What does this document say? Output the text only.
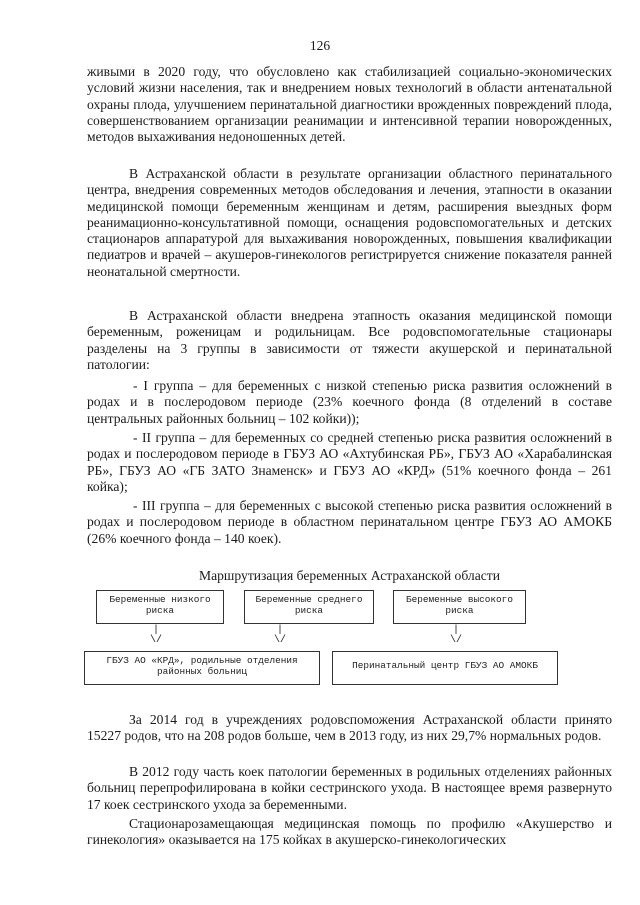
126

живыми в 2020 году, что обусловлено как стабилизацией социально-экономических условий жизни населения, так и внедрением новых технологий в области антенатальной охраны плода, улучшением перинатальной диагностики врожденных повреждений плода, совершенствованием организации реанимации и интенсивной терапии новорожденных, методов выхаживания недоношенных детей.

В Астраханской области в результате организации областного перинатального центра, внедрения современных методов обследования и лечения, этапности в оказании медицинской помощи беременным женщинам и детям, расширения выездных форм реанимационно-консультативной помощи, оснащения родовспомогательных и детских стационаров аппаратурой для выхаживания новорожденных, повышения квалификации педиатров и врачей – акушеров-гинекологов регистрируется снижение показателя ранней неонатальной смертности.

В Астраханской области внедрена этапность оказания медицинской помощи беременным, роженицам и родильницам. Все родовспомогательные стационары разделены на 3 группы в зависимости от тяжести акушерской и перинатальной патологии:

- I группа – для беременных с низкой степенью риска развития осложнений в родах и в послеродовом периоде (23% коечного фонда (8 отделений в составе центральных районных больниц – 102 койки));

- II группа – для беременных со средней степенью риска развития осложнений в родах и послеродовом периоде в ГБУЗ АО «Ахтубинская РБ», ГБУЗ АО «Харабалинская РБ», ГБУЗ АО «ГБ ЗАТО Знаменск» и ГБУЗ АО «КРД» (51% коечного фонда – 261 койка);

- III группа – для беременных с высокой степенью риска развития осложнений в родах и послеродовом периоде в областном перинатальном центре ГБУЗ АО АМОКБ (26% коечного фонда – 140 коек).

Маршрутизация беременных Астраханской области
Беременные низкого риска
Беременные среднего риска
Беременные высокого риска
|
\/
|
\/
|
\/
ГБУЗ АО «КРД», родильные отделения районных больниц
Перинатальный центр ГБУЗ АО АМОКБ

За 2014 год в учреждениях родовспоможения Астраханской области принято 15227 родов, что на 208 родов больше, чем в 2013 году, из них 29,7% нормальных родов.

В 2012 году часть коек патологии беременных в родильных отделениях районных больниц перепрофилирована в койки сестринского ухода. В настоящее время развернуто 17 коек сестринского ухода за беременными.

Стационарозамещающая медицинская помощь по профилю «Акушерство и гинекология» оказывается на 175 койках в акушерско-гинекологических
